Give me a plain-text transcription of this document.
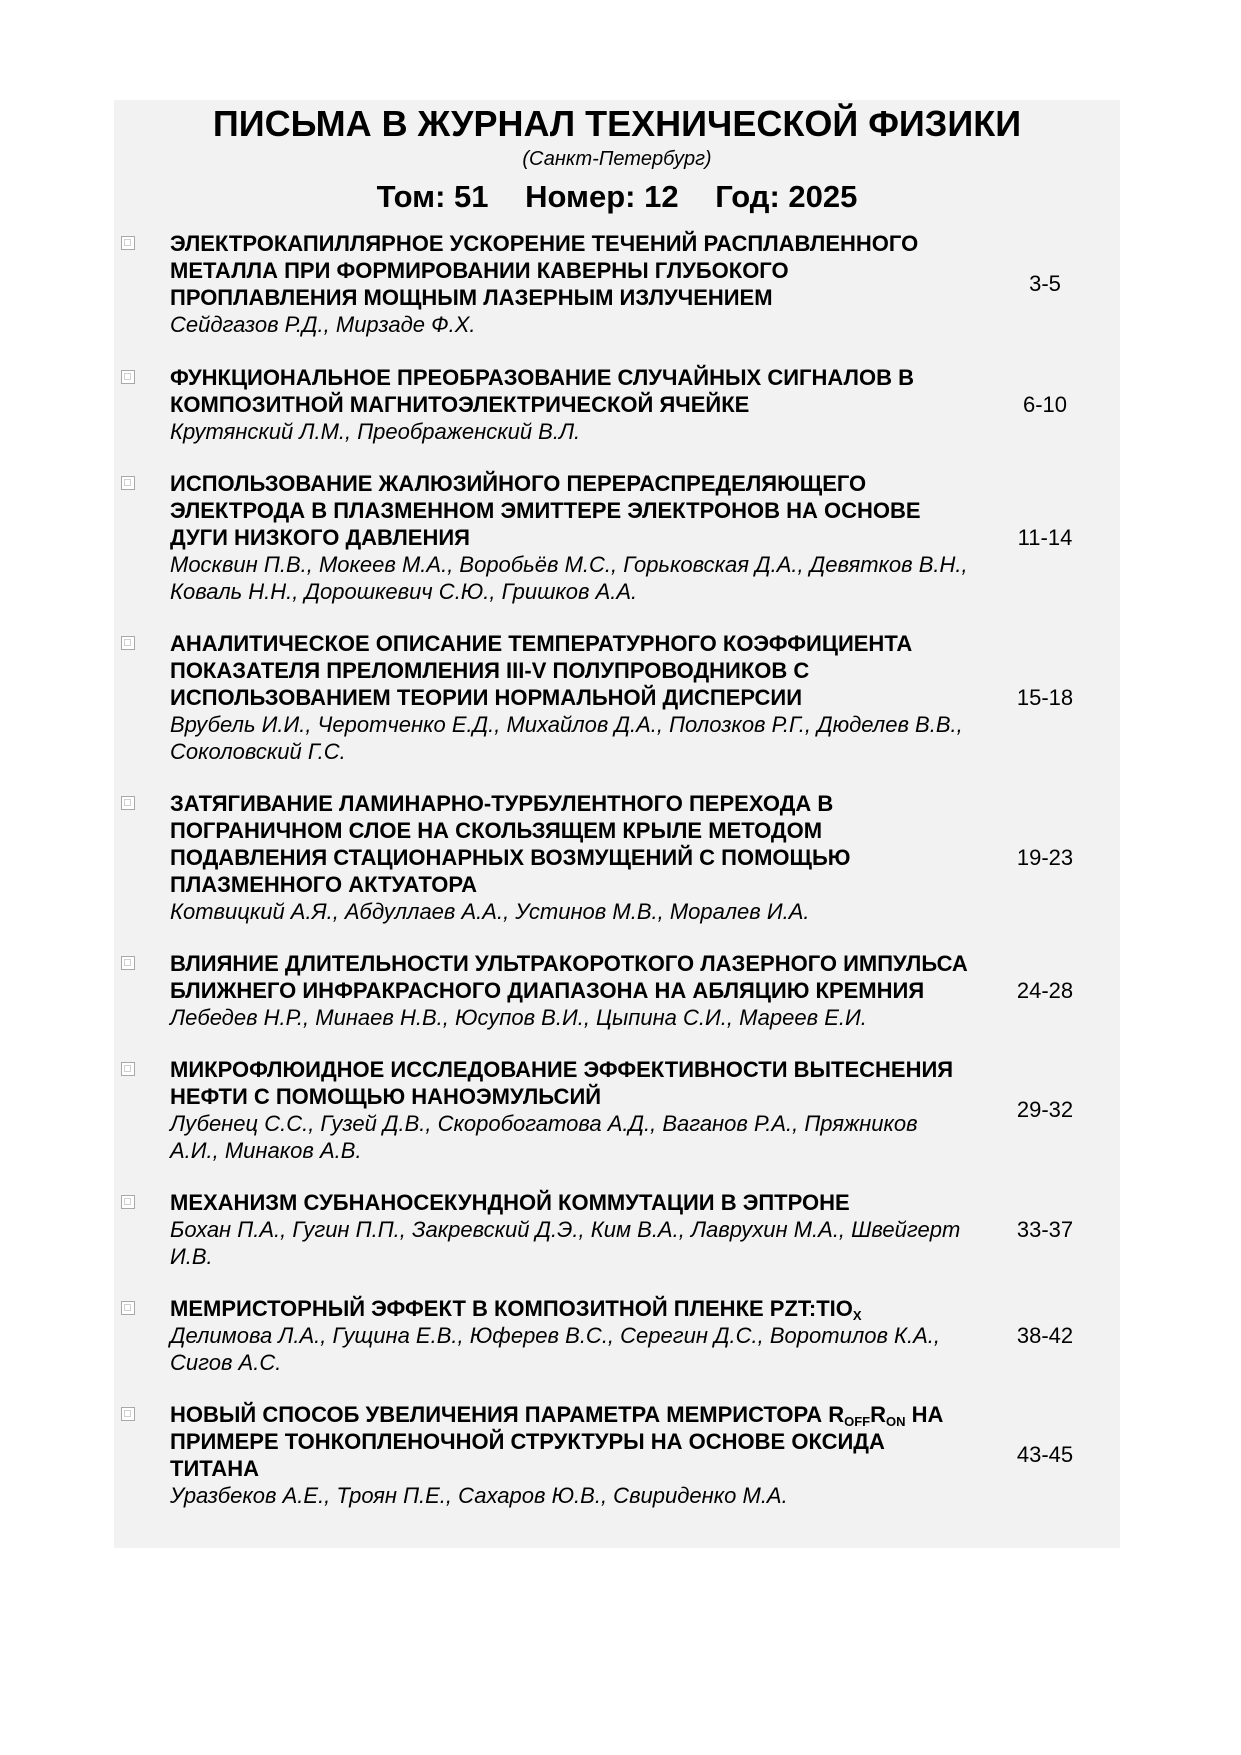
ПИСЬМА В ЖУРНАЛ ТЕХНИЧЕСКОЙ ФИЗИКИ
(Санкт-Петербург)
Том: 51 Номер: 12 Год: 2025
ЭЛЕКТРОКАПИЛЛЯРНОЕ УСКОРЕНИЕ ТЕЧЕНИЙ РАСПЛАВЛЕННОГО МЕТАЛЛА ПРИ ФОРМИРОВАНИИ КАВЕРНЫ ГЛУБОКОГО ПРОПЛАВЛЕНИЯ МОЩНЫМ ЛАЗЕРНЫМ ИЗЛУЧЕНИЕМ
Сейдгазов Р.Д., Мирзаде Ф.Х.
3-5
ФУНКЦИОНАЛЬНОЕ ПРЕОБРАЗОВАНИЕ СЛУЧАЙНЫХ СИГНАЛОВ В КОМПОЗИТНОЙ МАГНИТОЭЛЕКТРИЧЕСКОЙ ЯЧЕЙКЕ
Крутянский Л.М., Преображенский В.Л.
6-10
ИСПОЛЬЗОВАНИЕ ЖАЛЮЗИЙНОГО ПЕРЕРАСПРЕДЕЛЯЮЩЕГО ЭЛЕКТРОДА В ПЛАЗМЕННОМ ЭМИТТЕРЕ ЭЛЕКТРОНОВ НА ОСНОВЕ ДУГИ НИЗКОГО ДАВЛЕНИЯ
Москвин П.В., Мокеев М.А., Воробьёв М.С., Горьковская Д.А., Девятков В.Н., Коваль Н.Н., Дорошкевич С.Ю., Гришков А.А.
11-14
АНАЛИТИЧЕСКОЕ ОПИСАНИЕ ТЕМПЕРАТУРНОГО КОЭФФИЦИЕНТА ПОКАЗАТЕЛЯ ПРЕЛОМЛЕНИЯ III-V ПОЛУПРОВОДНИКОВ С ИСПОЛЬЗОВАНИЕМ ТЕОРИИ НОРМАЛЬНОЙ ДИСПЕРСИИ
Врубель И.И., Черотченко Е.Д., Михайлов Д.А., Полозков Р.Г., Дюделев В.В., Соколовский Г.С.
15-18
ЗАТЯГИВАНИЕ ЛАМИНАРНО-ТУРБУЛЕНТНОГО ПЕРЕХОДА В ПОГРАНИЧНОМ СЛОЕ НА СКОЛЬЗЯЩЕМ КРЫЛЕ МЕТОДОМ ПОДАВЛЕНИЯ СТАЦИОНАРНЫХ ВОЗМУЩЕНИЙ С ПОМОЩЬЮ ПЛАЗМЕННОГО АКТУАТОРА
Котвицкий А.Я., Абдуллаев А.А., Устинов М.В., Моралев И.А.
19-23
ВЛИЯНИЕ ДЛИТЕЛЬНОСТИ УЛЬТРАКОРОТКОГО ЛАЗЕРНОГО ИМПУЛЬСА БЛИЖНЕГО ИНФРАКРАСНОГО ДИАПАЗОНА НА АБЛЯЦИЮ КРЕМНИЯ
Лебедев Н.Р., Минаев Н.В., Юсупов В.И., Цыпина С.И., Мареев Е.И.
24-28
МИКРОФЛЮИДНОЕ ИССЛЕДОВАНИЕ ЭФФЕКТИВНОСТИ ВЫТЕСНЕНИЯ НЕФТИ С ПОМОЩЬЮ НАНОЭМУЛЬСИЙ
Лубенец С.С., Гузей Д.В., Скоробогатова А.Д., Ваганов Р.А., Пряжников А.И., Минаков А.В.
29-32
МЕХАНИЗМ СУБНАНОСЕКУНДНОЙ КОММУТАЦИИ В ЭПТРОНЕ
Бохан П.А., Гугин П.П., Закревский Д.Э., Ким В.А., Лаврухин М.А., Швейгерт И.В.
33-37
МЕМРИСТОРНЫЙ ЭФФЕКТ В КОМПОЗИТНОЙ ПЛЕНКЕ $PZT:TIO_X$
Делимова Л.А., Гущина Е.В., Юферев В.С., Серегин Д.С., Воротилов К.А., Сигов А.С.
38-42
НОВЫЙ СПОСОБ УВЕЛИЧЕНИЯ ПАРАМЕТРА МЕМРИСТОРА $R_{OFF}R_{ON}$ НА ПРИМЕРЕ ТОНКОПЛЕНОЧНОЙ СТРУКТУРЫ НА ОСНОВЕ ОКСИДА ТИТАНА
Уразбеков А.Е., Троян П.Е., Сахаров Ю.В., Свириденко М.А.
43-45
